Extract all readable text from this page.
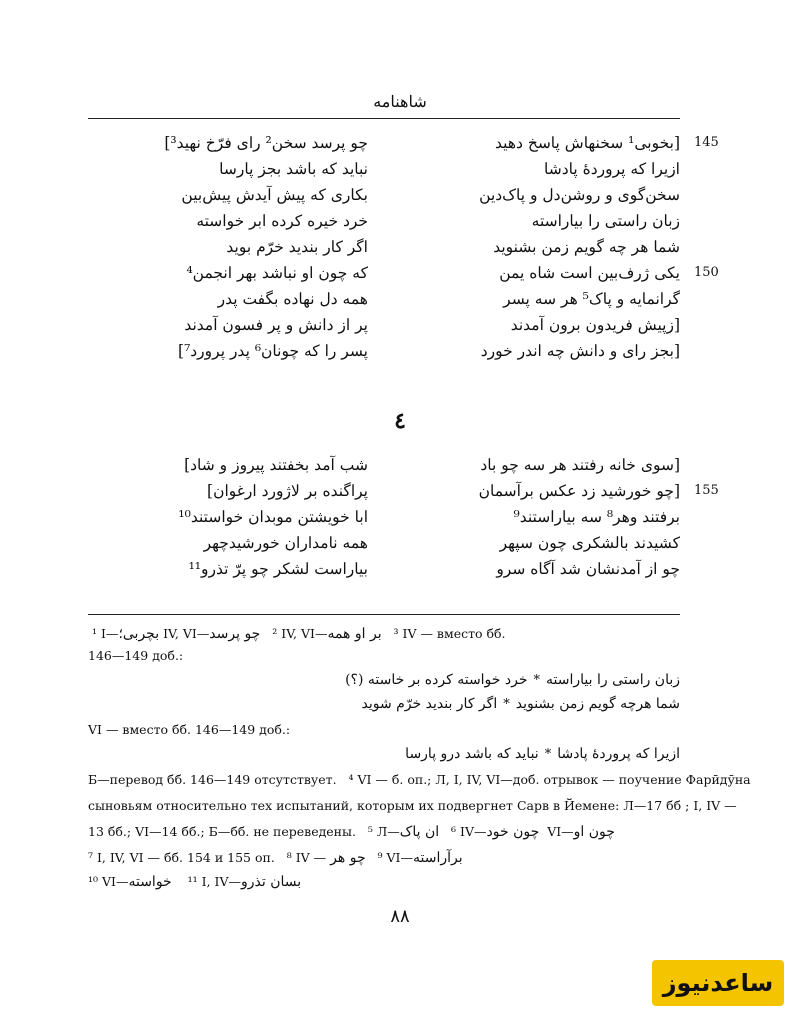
شاهنامه
[بخوبی¹ سخنهاش پاسخ دهید
چو پرسد سخن² رای فرّخ نهید³]	145
ازیرا که پروردهٔ پادشا
نباید که باشد بجز پارسا
سخن‌گوی و روشن‌دل و پاک‌دین
بکاری که پیش آیدش پیش‌بین
زبان راستی را بیاراسته
خرد خیره کرده ابر خواسته
شما هر چه گویم زمن بشنوید
اگر کار بندید خرّم بوید
یکی ژرف‌بین است شاه یمن
که چون او نباشد بهر انجمن⁴	150
گرانمایه و پاک⁵ هر سه پسر
همه دل نهاده بگفت پدر
[زپیش فریدون برون آمدند
پر از دانش و پر فسون آمدند
[بجز رای و دانش چه اندر خورد
پسر را که چونان⁶ پدر پرورد⁷]
٤
[سوی خانه رفتند هر سه چو باد
شب آمد بخفتند پیروز و شاد]
[چو خورشید زد عکس برآسمان
پراگنده بر لاژورد ارغوان]	155
برفتند وهر⁸ سه بیاراستند⁹
ابا خویشتن موبدان خواستند¹⁰
کشیدند بالشکری چون سپهر
همه نامداران خورشیدچهر
چو از آمدنشان شد آگاه سرو
بیاراست لشکر چو پرّ تذرو¹¹
¹ I—بچربی؛ IV, VI—چو پرسد ² IV, VI—بر او همه ³ IV — вместо бб.
146—149 доб.:
زبان راستی را بیاراسته*خرد خواسته کرده بر خاسته (؟)
شما هرچه گویم زمن بشنوید*اگر کار بندید خرّم شوید
VI — вместо бб. 146—149 доб.:
ازیرا که پروردهٔ پادشا*نباید که باشد درو پارسا
Б—перевод бб. 146—149 отсутствует. ⁴ VI — б. оп.; Л, I, IV, VI—доб. отрывок — поучение Фарӣдӯна
сыновьям относительно тех испытаний, которым их подвергнет Сарв в Йемене: Л—17 бб ; I, IV —
13 бб.; VI—14 бб.; Б—бб. не переведены. ⁵ Л—ان پاک ⁶ IV—چون خود VI—چون او
⁷ I, IV, VI — бб. 154 и 155 оп. ⁸ IV — چو هر ⁹ VI—برآراسته
¹⁰ VI—خواسته ¹¹ I, IV—بسان تذرو
۸۸
ساعدنیوز
